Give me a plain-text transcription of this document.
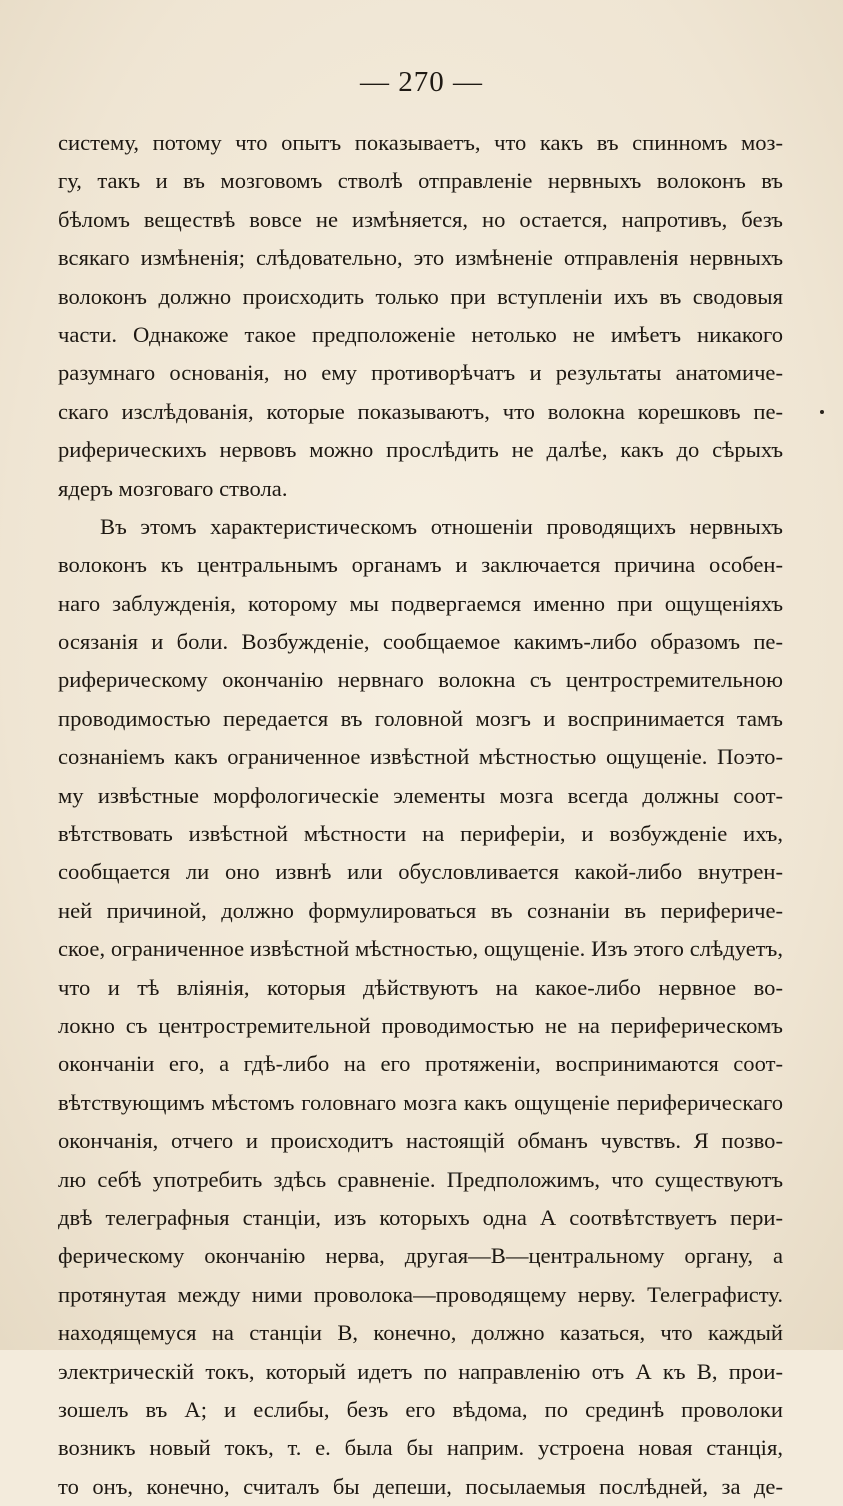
— 270 —
систему, потому что опытъ показываетъ, что какъ въ спинномъ моз-
гу, такъ и въ мозговомъ стволѣ отправленіе нервныхъ волоконъ въ
бѣломъ веществѣ вовсе не измѣняется, но остается, напротивъ, безъ
всякаго измѣненія; слѣдовательно, это измѣненіе отправленія нервныхъ
волоконъ должно происходить только при вступленіи ихъ въ сводовыя
части. Однакоже такое предположеніе нетолько не имѣетъ никакого
разумнаго основанія, но ему противорѣчатъ и результаты анатомиче-
скаго изслѣдованія, которые показываютъ, что волокна корешковъ пе-
риферическихъ нервовъ можно прослѣдить не далѣе, какъ до сѣрыхъ
ядеръ мозговаго ствола.
Въ этомъ характеристическомъ отношеніи проводящихъ нервныхъ
волоконъ къ центральнымъ органамъ и заключается причина особен-
наго заблужденія, которому мы подвергаемся именно при ощущеніяхъ
осязанія и боли. Возбужденіе, сообщаемое какимъ-либо образомъ пе-
риферическому окончанію нервнаго волокна съ центростремительною
проводимостью передается въ головной мозгъ и воспринимается тамъ
сознаніемъ какъ ограниченное извѣстной мѣстностью ощущеніе. Поэто-
му извѣстные морфологическіе элементы мозга всегда должны соот-
вѣтствовать извѣстной мѣстности на периферіи, и возбужденіе ихъ,
сообщается ли оно извнѣ или обусловливается какой-либо внутрен-
ней причиной, должно формулироваться въ сознаніи въ периферичe-
ское, ограниченное извѣстной мѣстностью, ощущеніе. Изъ этого слѣдуетъ,
что и тѣ вліянія, которыя дѣйствуютъ на какое-либо нервное во-
локно съ центростремительной проводимостью не на периферическомъ
окончаніи его, а гдѣ-либо на его протяженіи, воспринимаются соот-
вѣтствующимъ мѣстомъ головнаго мозга какъ ощущеніе периферическаго
окончанія, отчего и происходитъ настоящій обманъ чувствъ. Я позво-
лю себѣ употребить здѣсь сравненіе. Предположимъ, что существуютъ
двѣ телеграфныя станціи, изъ которыхъ одна А соотвѣтствуетъ пери-
ферическому окончанію нерва, другая—В—центральному органу, а
протянутая между ними проволока—проводящему нерву. Телеграфисту.
находящемуся на станціи В, конечно, должно казаться, что каждый
электрическій токъ, который идетъ по направленію отъ А къ В, прои-
зошелъ въ А; и еслибы, безъ его вѣдома, по срединѣ проволоки
возникъ новый токъ, т. е. была бы наприм. устроена новая станція,
то онъ, конечно, считалъ бы депеши, посылаемыя послѣдней, за де-
